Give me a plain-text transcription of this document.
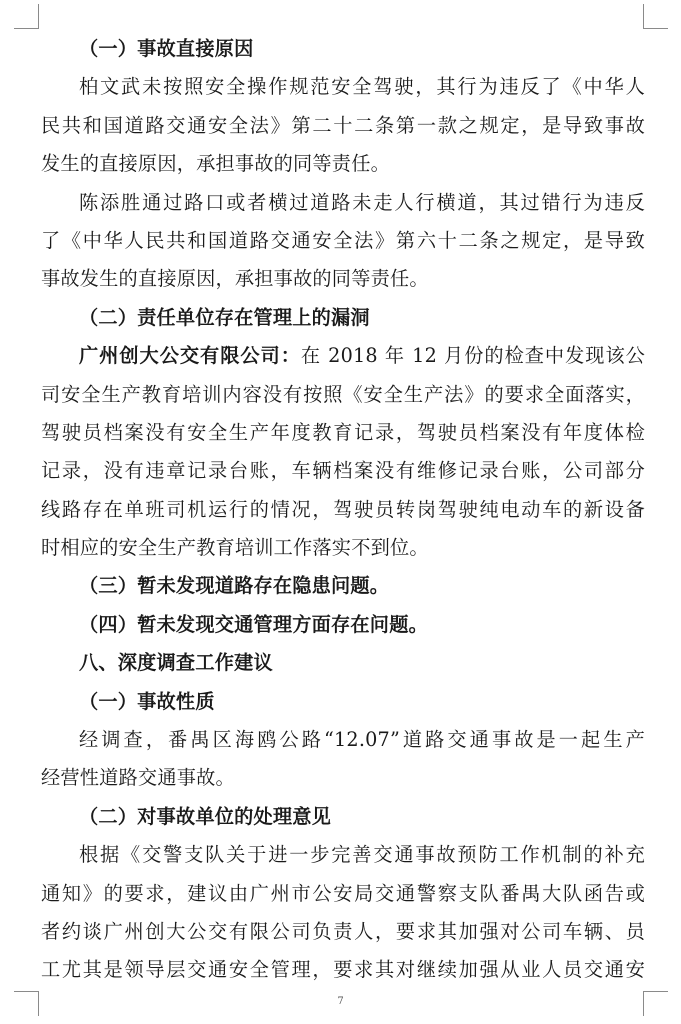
（一）事故直接原因
柏文武未按照安全操作规范安全驾驶，其行为违反了《中华人
民共和国道路交通安全法》第二十二条第一款之规定，是导致事故
发生的直接原因，承担事故的同等责任。
陈添胜通过路口或者横过道路未走人行横道，其过错行为违反
了《中华人民共和国道路交通安全法》第六十二条之规定，是导致
事故发生的直接原因，承担事故的同等责任。
（二）责任单位存在管理上的漏洞
广州创大公交有限公司：在 2018 年 12 月份的检查中发现该公
司安全生产教育培训内容没有按照《安全生产法》的要求全面落实，
驾驶员档案没有安全生产年度教育记录，驾驶员档案没有年度体检
记录，没有违章记录台账，车辆档案没有维修记录台账，公司部分
线路存在单班司机运行的情况，驾驶员转岗驾驶纯电动车的新设备
时相应的安全生产教育培训工作落实不到位。
（三）暂未发现道路存在隐患问题。
（四）暂未发现交通管理方面存在问题。
八、深度调查工作建议
（一）事故性质
经调查，番禺区海鸥公路“12.07”道路交通事故是一起生产
经营性道路交通事故。
（二）对事故单位的处理意见
根据《交警支队关于进一步完善交通事故预防工作机制的补充
通知》的要求，建议由广州市公安局交通警察支队番禺大队函告或
者约谈广州创大公交有限公司负责人，要求其加强对公司车辆、员
工尤其是领导层交通安全管理，要求其对继续加强从业人员交通安
7
